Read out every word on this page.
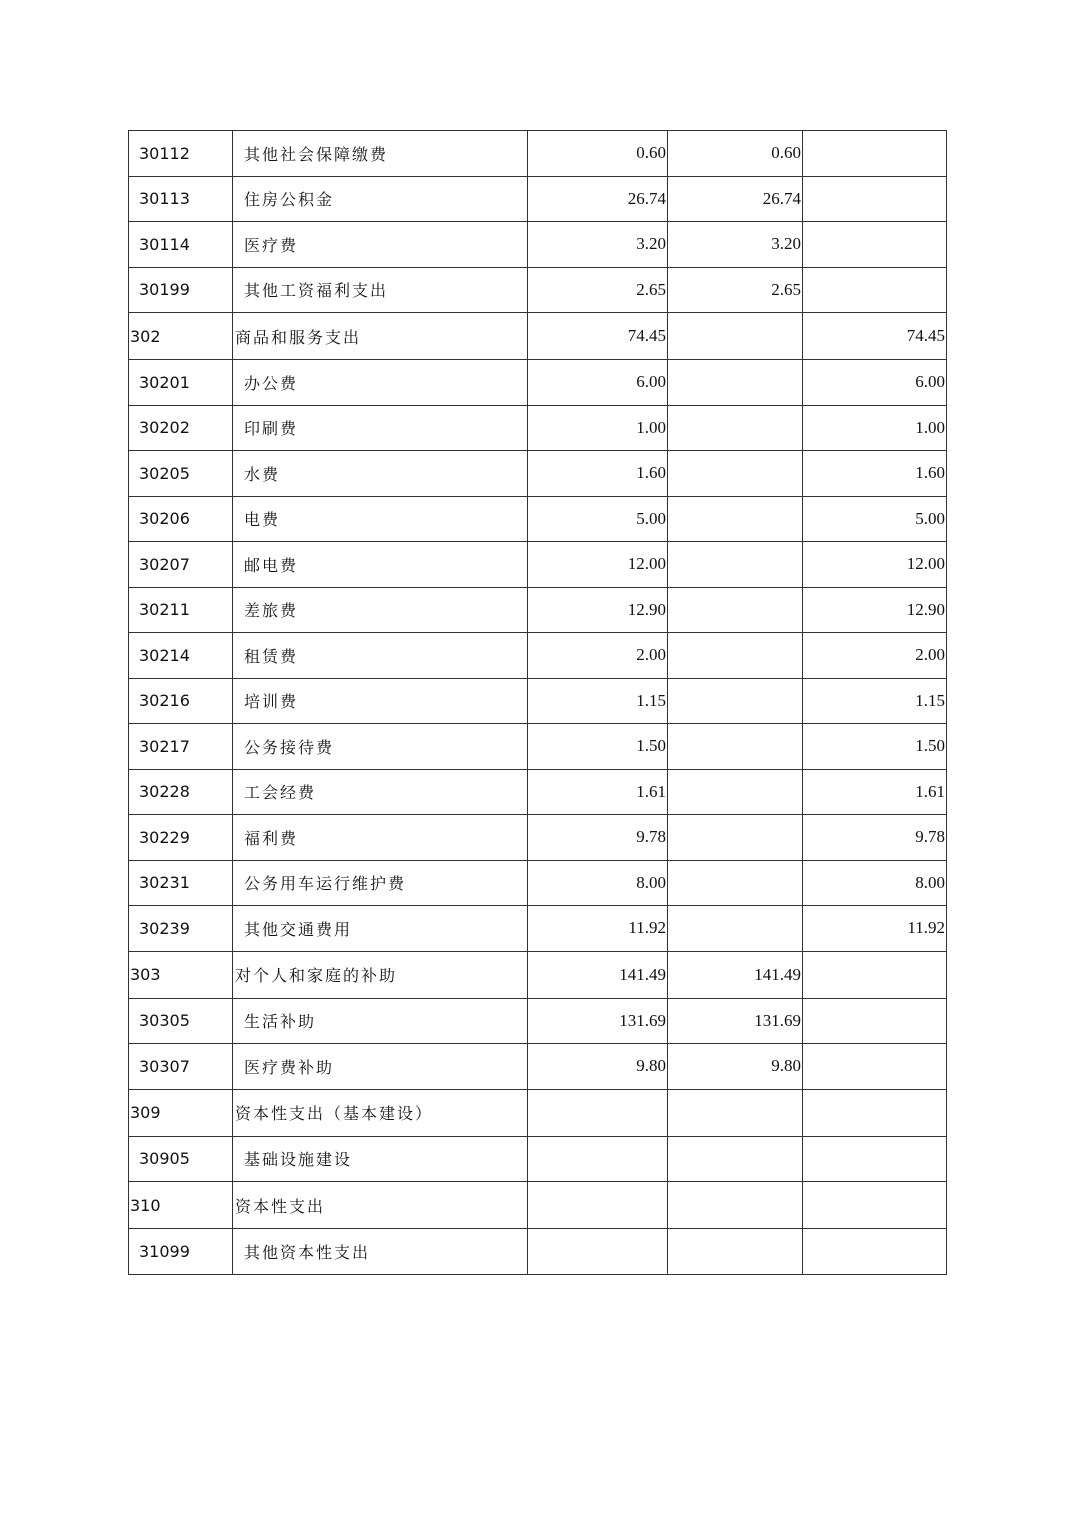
30112	其他社会保障缴费	0.60	0.60	
30113	住房公积金	26.74	26.74	
30114	医疗费	3.20	3.20	
30199	其他工资福利支出	2.65	2.65	
302	商品和服务支出	74.45		74.45
30201	办公费	6.00		6.00
30202	印刷费	1.00		1.00
30205	水费	1.60		1.60
30206	电费	5.00		5.00
30207	邮电费	12.00		12.00
30211	差旅费	12.90		12.90
30214	租赁费	2.00		2.00
30216	培训费	1.15		1.15
30217	公务接待费	1.50		1.50
30228	工会经费	1.61		1.61
30229	福利费	9.78		9.78
30231	公务用车运行维护费	8.00		8.00
30239	其他交通费用	11.92		11.92
303	对个人和家庭的补助	141.49	141.49	
30305	生活补助	131.69	131.69	
30307	医疗费补助	9.80	9.80	
309	资本性支出（基本建设）			
30905	基础设施建设			
310	资本性支出			
31099	其他资本性支出			
